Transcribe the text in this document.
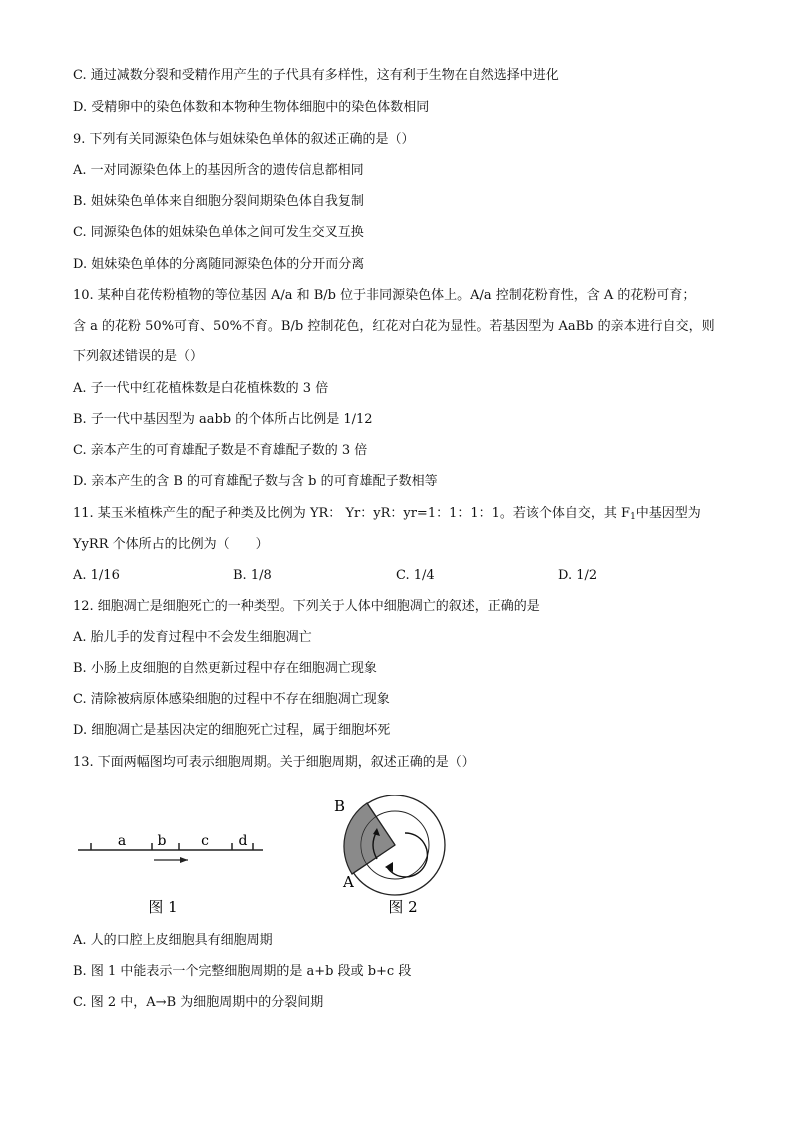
C. 通过减数分裂和受精作用产生的子代具有多样性，这有利于生物在自然选择中进化
D. 受精卵中的染色体数和本物种生物体细胞中的染色体数相同
9. 下列有关同源染色体与姐妹染色单体的叙述正确的是（）
A. 一对同源染色体上的基因所含的遗传信息都相同
B. 姐妹染色单体来自细胞分裂间期染色体自我复制
C. 同源染色体的姐妹染色单体之间可发生交叉互换
D. 姐妹染色单体的分离随同源染色体的分开而分离
10. 某种自花传粉植物的等位基因 A/a 和 B/b 位于非同源染色体上。A/a 控制花粉育性，含 A 的花粉可育；
含 a 的花粉 50%可育、50%不育。B/b 控制花色，红花对白花为显性。若基因型为 AaBb 的亲本进行自交，则
下列叙述错误的是（）
A. 子一代中红花植株数是白花植株数的 3 倍
B. 子一代中基因型为 aabb 的个体所占比例是 1/12
C. 亲本产生的可育雄配子数是不育雄配子数的 3 倍
D. 亲本产生的含 B 的可育雄配子数与含 b 的可育雄配子数相等
11. 某玉米植株产生的配子种类及比例为 YR： Yr：yR：yr=1：1：1：1。若该个体自交，其 $F_1$中基因型为
YyRR 个体所占的比例为（　　）
A. 1/16	B. 1/8	C. 1/4	D. 1/2
12. 细胞凋亡是细胞死亡的一种类型。下列关于人体中细胞凋亡的叙述，正确的是
A. 胎儿手的发育过程中不会发生细胞凋亡
B. 小肠上皮细胞的自然更新过程中存在细胞凋亡现象
C. 清除被病原体感染细胞的过程中不存在细胞凋亡现象
D. 细胞凋亡是基因决定的细胞死亡过程，属于细胞坏死
13. 下面两幅图均可表示细胞周期。关于细胞周期，叙述正确的是（）
a b c d
图 1
B
A
图 2
A. 人的口腔上皮细胞具有细胞周期
B. 图 1 中能表示一个完整细胞周期的是 a+b 段或 b+c 段
C. 图 2 中，A→B 为细胞周期中的分裂间期
